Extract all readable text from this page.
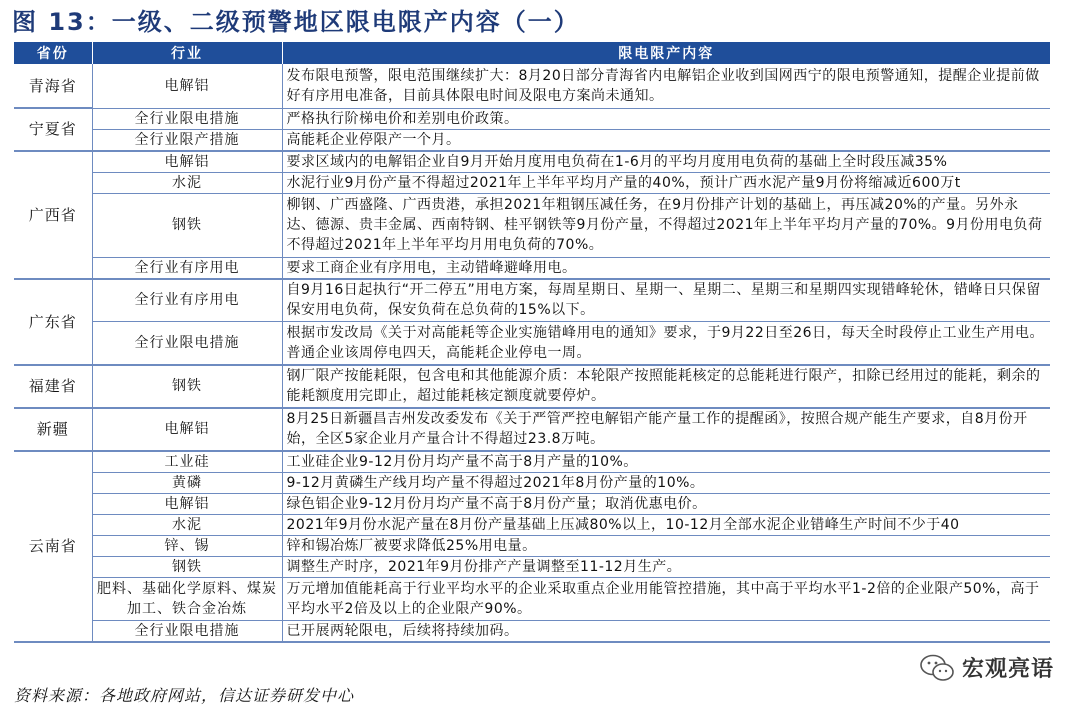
图 13：一级、二级预警地区限电限产内容（一）
省份	行业	限电限产内容
青海省	电解铝	发布限电预警，限电范围继续扩大：8月20日部分青海省内电解铝企业收到国网西宁的限电预警通知，提醒企业提前做好有序用电准备，目前具体限电时间及限电方案尚未通知。
宁夏省	全行业限电措施	严格执行阶梯电价和差别电价政策。
	全行业限产措施	高能耗企业停限产一个月。
广西省	电解铝	要求区域内的电解铝企业自9月开始月度用电负荷在1-6月的平均月度用电负荷的基础上全时段压减35%
	水泥	水泥行业9月份产量不得超过2021年上半年平均月产量的40%，预计广西水泥产量9月份将缩减近600万t
	钢铁	柳钢、广西盛隆、广西贵港，承担2021年粗钢压减任务，在9月份排产计划的基础上，再压减20%的产量。另外永达、德源、贵丰金属、西南特钢、桂平钢铁等9月份产量，不得超过2021年上半年平均月产量的70%。9月份用电负荷不得超过2021年上半年平均月用电负荷的70%。
	全行业有序用电	要求工商企业有序用电，主动错峰避峰用电。
广东省	全行业有序用电	自9月16日起执行“开二停五”用电方案，每周星期日、星期一、星期二、星期三和星期四实现错峰轮休，错峰日只保留保安用电负荷，保安负荷在总负荷的15%以下。
	全行业限电措施	根据市发改局《关于对高能耗等企业实施错峰用电的通知》要求，于9月22日至26日，每天全时段停止工业生产用电。普通企业该周停电四天，高能耗企业停电一周。
福建省	钢铁	钢厂限产按能耗限，包含电和其他能源介质：本轮限产按照能耗核定的总能耗进行限产，扣除已经用过的能耗，剩余的能耗额度用完即止，超过能耗核定额度就要停炉。
新疆	电解铝	8月25日新疆昌吉州发改委发布《关于严管严控电解铝产能产量工作的提醒函》，按照合规产能生产要求，自8月份开始，全区5家企业月产量合计不得超过23.8万吨。
云南省	工业硅	工业硅企业9-12月份月均产量不高于8月产量的10%。
	黄磷	9-12月黄磷生产线月均产量不得超过2021年8月份产量的10%。
	电解铝	绿色铝企业9-12月份月均产量不高于8月份产量；取消优惠电价。
	水泥	2021年9月份水泥产量在8月份产量基础上压减80%以上，10-12月全部水泥企业错峰生产时间不少于40
	锌、锡	锌和锡冶炼厂被要求降低25%用电量。
	钢铁	调整生产时序，2021年9月份排产产量调整至11-12月生产。
	肥料、基础化学原料、煤炭加工、铁合金冶炼	万元增加值能耗高于行业平均水平的企业采取重点企业用能管控措施，其中高于平均水平1-2倍的企业限产50%，高于平均水平2倍及以上的企业限产90%。
	全行业限电措施	已开展两轮限电，后续将持续加码。
宏观亮语
资料来源：各地政府网站，信达证券研发中心
